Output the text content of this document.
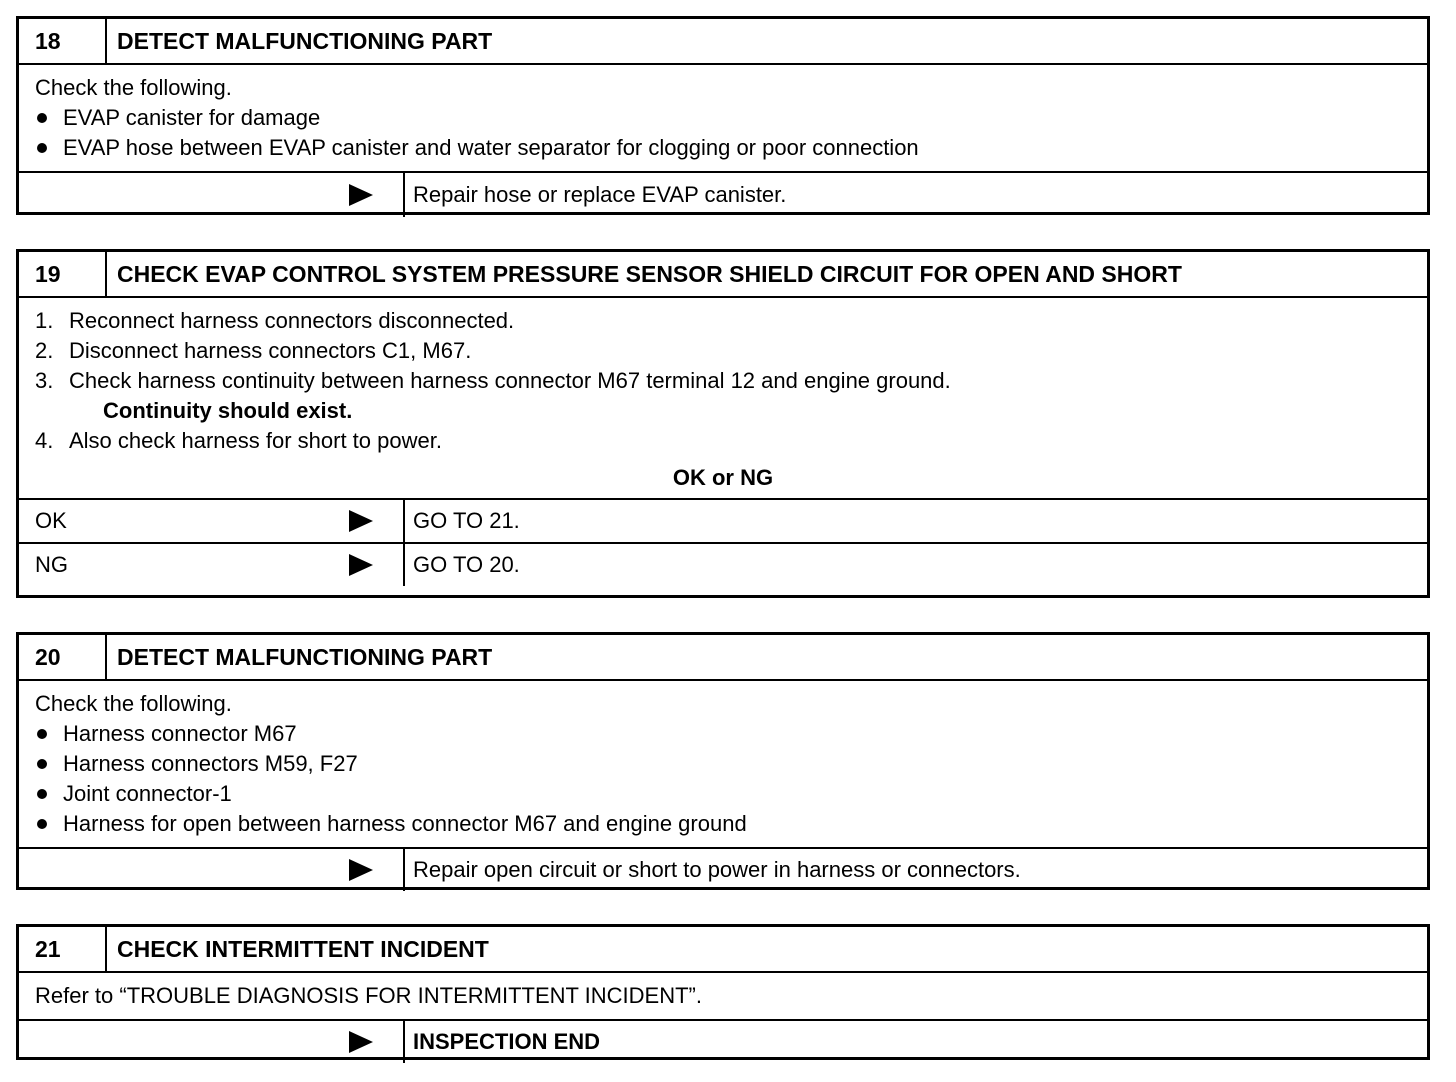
18	DETECT MALFUNCTIONING PART
Check the following.
EVAP canister for damage
EVAP hose between EVAP canister and water separator for clogging or poor connection
Repair hose or replace EVAP canister.
19	CHECK EVAP CONTROL SYSTEM PRESSURE SENSOR SHIELD CIRCUIT FOR OPEN AND SHORT
1. Reconnect harness connectors disconnected.
2. Disconnect harness connectors C1, M67.
3. Check harness continuity between harness connector M67 terminal 12 and engine ground.
Continuity should exist.
4. Also check harness for short to power.
OK or NG
OK	GO TO 21.
NG	GO TO 20.
20	DETECT MALFUNCTIONING PART
Check the following.
Harness connector M67
Harness connectors M59, F27
Joint connector-1
Harness for open between harness connector M67 and engine ground
Repair open circuit or short to power in harness or connectors.
21	CHECK INTERMITTENT INCIDENT
Refer to “TROUBLE DIAGNOSIS FOR INTERMITTENT INCIDENT”.
INSPECTION END
